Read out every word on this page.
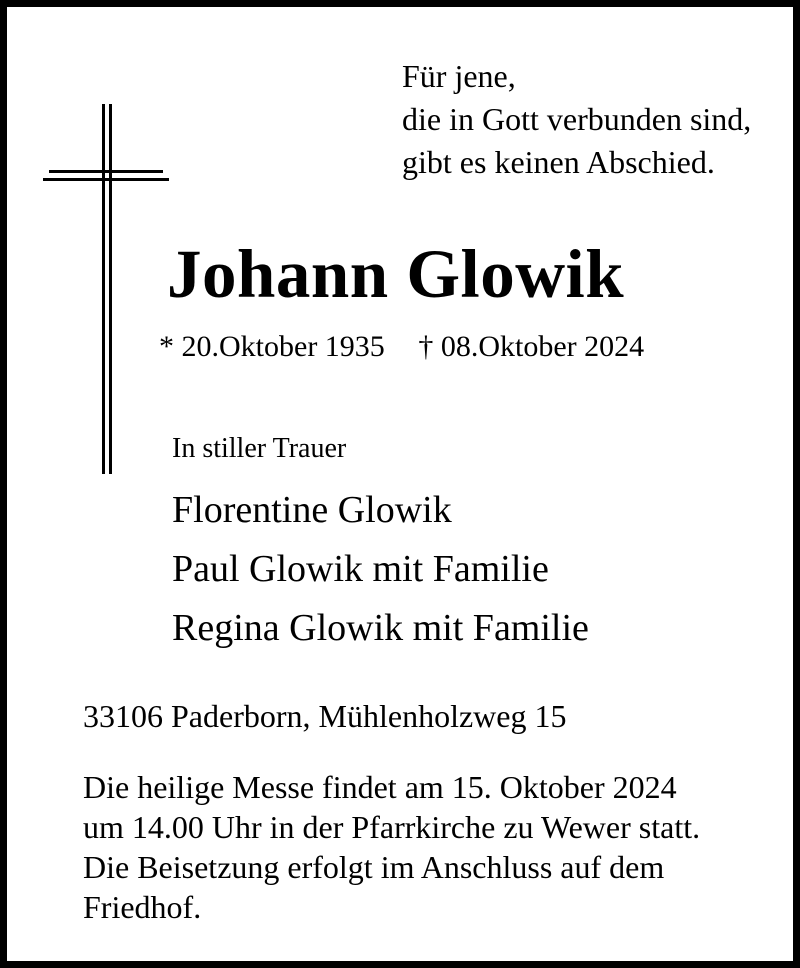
Für jene,
die in Gott verbunden sind,
gibt es keinen Abschied.
Johann Glowik
* 20.Oktober 1935 † 08.Oktober 2024
In stiller Trauer
Florentine Glowik
Paul Glowik mit Familie
Regina Glowik mit Familie
33106 Paderborn, Mühlenholzweg 15
Die heilige Messe findet am 15. Oktober 2024
um 14.00 Uhr in der Pfarrkirche zu Wewer statt.
Die Beisetzung erfolgt im Anschluss auf dem
Friedhof.
